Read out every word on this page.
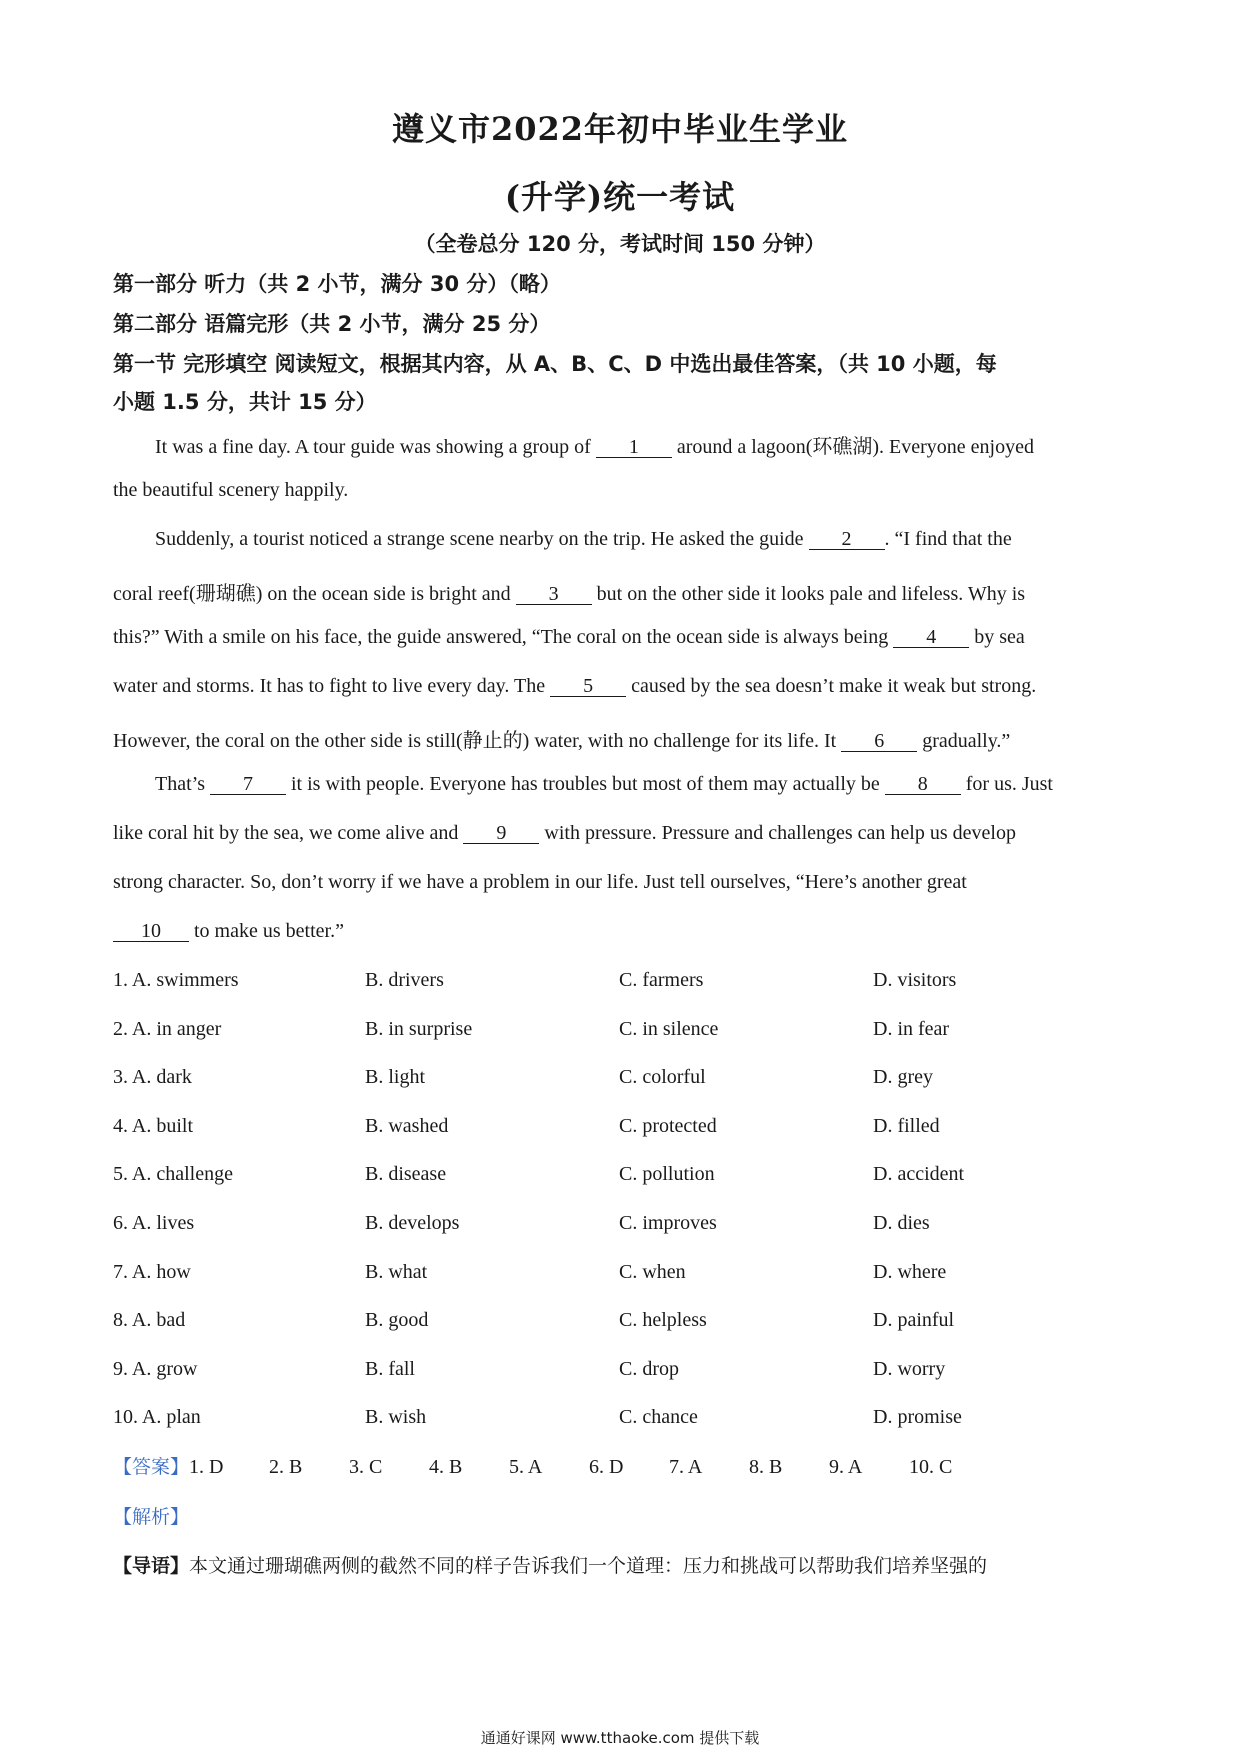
遵义市2022年初中毕业生学业
(升学)统一考试
（全卷总分 120 分，考试时间 150 分钟）
第一部分 听力（共 2 小节，满分 30 分）（略）
第二部分 语篇完形（共 2 小节，满分 25 分）
第一节 完形填空 阅读短文，根据其内容，从 A、B、C、D 中选出最佳答案，（共 10 小题，每
小题 1.5 分，共计 15 分）
It was a fine day. A tour guide was showing a group of 1 around a lagoon(环礁湖). Everyone enjoyed
the beautiful scenery happily.
Suddenly, a tourist noticed a strange scene nearby on the trip. He asked the guide 2 . “I find that the
coral reef(珊瑚礁) on the ocean side is bright and 3 but on the other side it looks pale and lifeless. Why is
this?” With a smile on his face, the guide answered, “The coral on the ocean side is always being 4 by sea
water and storms. It has to fight to live every day. The 5 caused by the sea doesn’t make it weak but strong.
However, the coral on the other side is still(静止的) water, with no challenge for its life. It 6 gradually.”
That’s 7 it is with people. Everyone has troubles but most of them may actually be 8 for us. Just
like coral hit by the sea, we come alive and 9 with pressure. Pressure and challenges can help us develop
strong character. So, don’t worry if we have a problem in our life. Just tell ourselves, “Here’s another great
10 to make us better.”
1. A. swimmers	B. drivers	C. farmers	D. visitors
2. A. in anger	B. in surprise	C. in silence	D. in fear
3. A. dark	B. light	C. colorful	D. grey
4. A. built	B. washed	C. protected	D. filled
5. A. challenge	B. disease	C. pollution	D. accident
6. A. lives	B. develops	C. improves	D. dies
7. A. how	B. what	C. when	D. where
8. A. bad	B. good	C. helpless	D. painful
9. A. grow	B. fall	C. drop	D. worry
10. A. plan	B. wish	C. chance	D. promise
【答案】1. D 2. B 3. C 4. B 5. A 6. D 7. A 8. B 9. A 10. C
【解析】
【导语】本文通过珊瑚礁两侧的截然不同的样子告诉我们一个道理：压力和挑战可以帮助我们培养坚强的
通通好课网 www.tthaoke.com 提供下载
